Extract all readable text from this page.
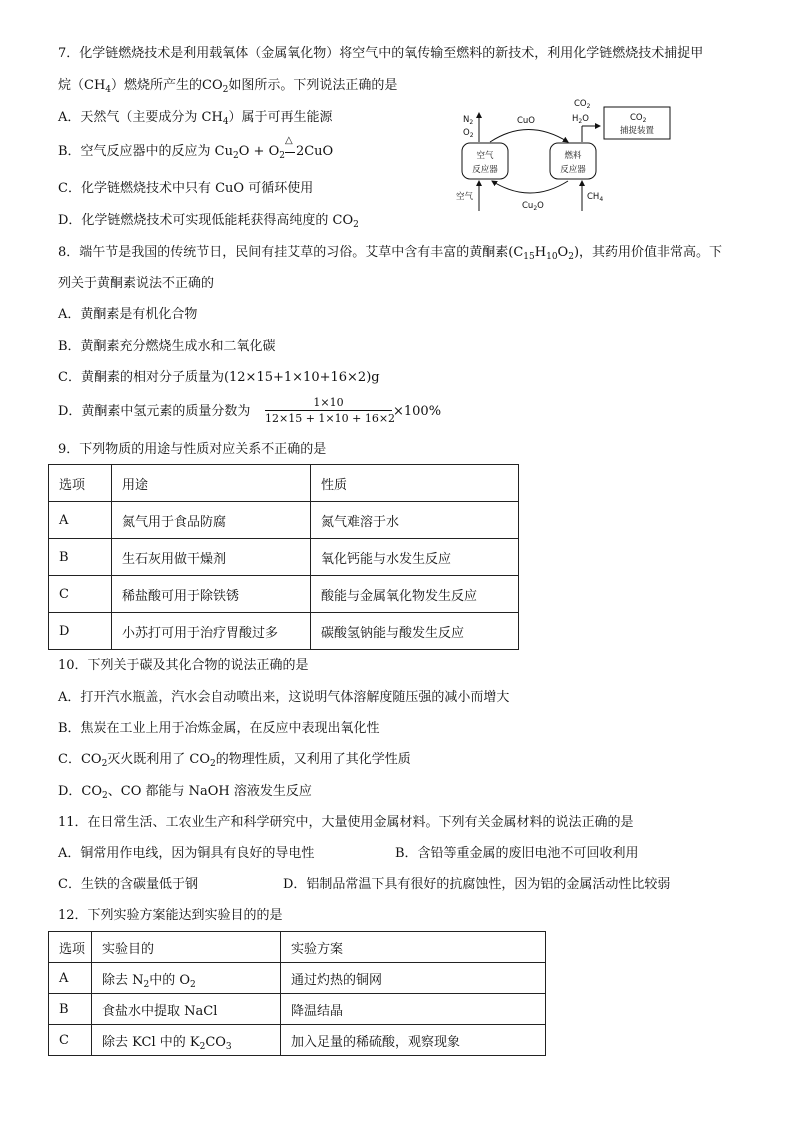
7．化学链燃烧技术是利用载氧体（金属氧化物）将空气中的氧传输至燃料的新技术，利用化学链燃烧技术捕捉甲
烷$(CH_4)$燃烧所产生的$CO_2$如图所示。下列说法正确的是
A．天然气（主要成分为 $CH_4$）属于可再生能源
B．空气反应器中的反应为 $Cu_2O + O_2$
△
2CuO
C．化学链燃烧技术中只有 CuO 可循环使用
D．化学链燃烧技术可实现低能耗获得高纯度的 $CO_2$
空气
反应器
燃料
反应器
CuO
$Cu_2O$
$N_2$
$O_2$
空气	$CH_4$
$CO_2$
$H_2O$	$CO_2$
捕捉装置
8．端午节是我国的传统节日，民间有挂艾草的习俗。艾草中含有丰富的黄酮素$(C_{15}H_{10}O_2)$，其药用价值非常高。下
列关于黄酮素说法不正确的
A．黄酮素是有机化合物
B．黄酮素充分燃烧生成水和二氧化碳
C．黄酮素的相对分子质量为(12×15+1×10+16×2)g
D．黄酮素中氢元素的质量分数为
1×10
12×15 + 1×10 + 16×2
×100%
9．下列物质的用途与性质对应关系不正确的是
选项	用途	性质
A	氮气用于食品防腐	氮气难溶于水
B	生石灰用做干燥剂	氧化钙能与水发生反应
C	稀盐酸可用于除铁锈	酸能与金属氧化物发生反应
D	小苏打可用于治疗胃酸过多	碳酸氢钠能与酸发生反应
10．下列关于碳及其化合物的说法正确的是
A．打开汽水瓶盖，汽水会自动喷出来，这说明气体溶解度随压强的减小而增大
B．焦炭在工业上用于冶炼金属，在反应中表现出氧化性
C．$CO_2$灭火既利用了 $CO_2$的物理性质，又利用了其化学性质
D．$CO_2$、CO 都能与 NaOH 溶液发生反应
11．在日常生活、工农业生产和科学研究中，大量使用金属材料。下列有关金属材料的说法正确的是
A．铜常用作电线，因为铜具有良好的导电性	B．含铅等重金属的废旧电池不可回收利用
C．生铁的含碳量低于钢	D．铝制品常温下具有很好的抗腐蚀性，因为铝的金属活动性比较弱
12．下列实验方案能达到实验目的的是
选项	实验目的	实验方案
A	除去 $N_2$中的 $O_2$	通过灼热的铜网
B	食盐水中提取 NaCl	降温结晶
C	除去 KCl 中的 $K_2CO_3$	加入足量的稀硫酸，观察现象
